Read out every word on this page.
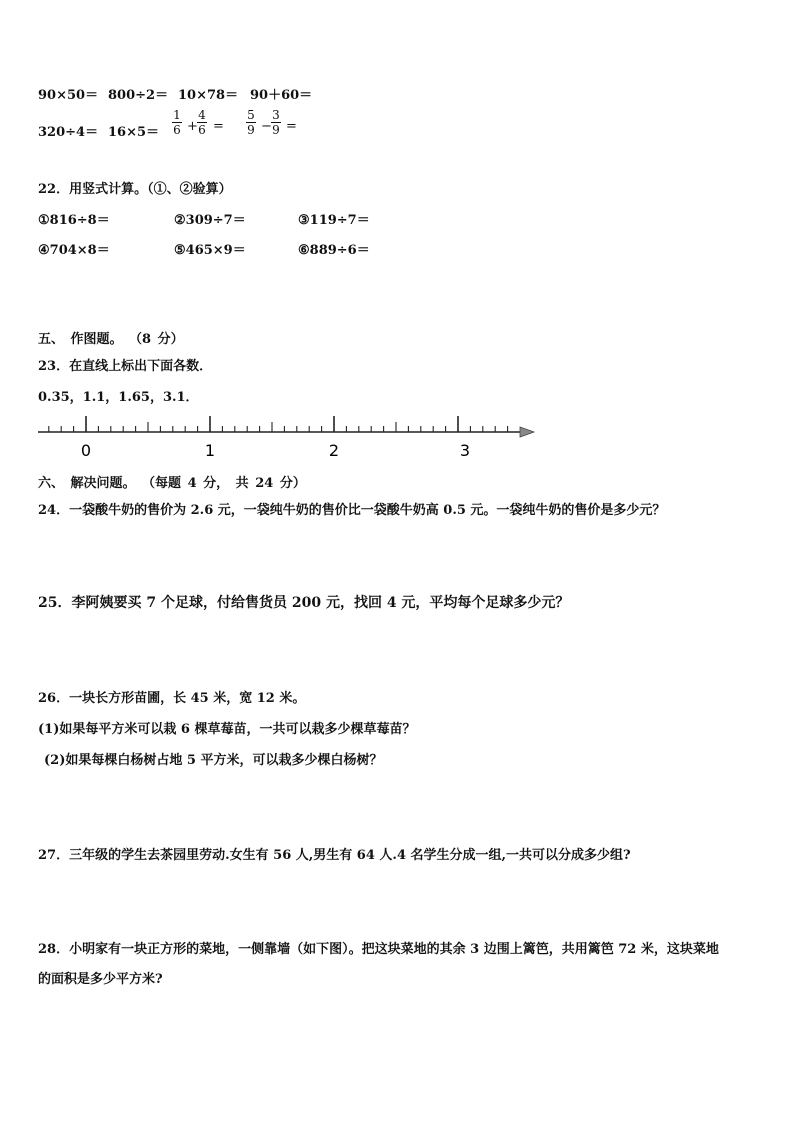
90×50＝ 800÷2＝ 10×78＝ 90＋60＝
320÷4＝ 16×5＝
1
6 +
4
6 =
5
9 −
3
9 =
22．用竖式计算。（①、②验算）
①816÷8＝	②309÷7＝	③119÷7＝
④704×8＝	⑤465×9＝	⑥889÷6＝
五、 作图题。 （8 分）
23．在直线上标出下面各数．
0.35，1.1，1.65，3.1．
0	1	2	3
六、 解决问题。 （每题 4 分， 共 24 分）
24．一袋酸牛奶的售价为 2.6 元，一袋纯牛奶的售价比一袋酸牛奶高 0.5 元。一袋纯牛奶的售价是多少元？
25．李阿姨要买 7 个足球，付给售货员 200 元，找回 4 元，平均每个足球多少元？
26．一块长方形苗圃，长 45 米，宽 12 米。
(1)如果每平方米可以栽 6 棵草莓苗，一共可以栽多少棵草莓苗？
(2)如果每棵白杨树占地 5 平方米，可以栽多少棵白杨树？
27．三年级的学生去茶园里劳动.女生有 56 人,男生有 64 人.4 名学生分成一组,一共可以分成多少组?
28．小明家有一块正方形的菜地，一侧靠墙（如下图）。把这块菜地的其余 3 边围上篱笆，共用篱笆 72 米，这块菜地
的面积是多少平方米?
